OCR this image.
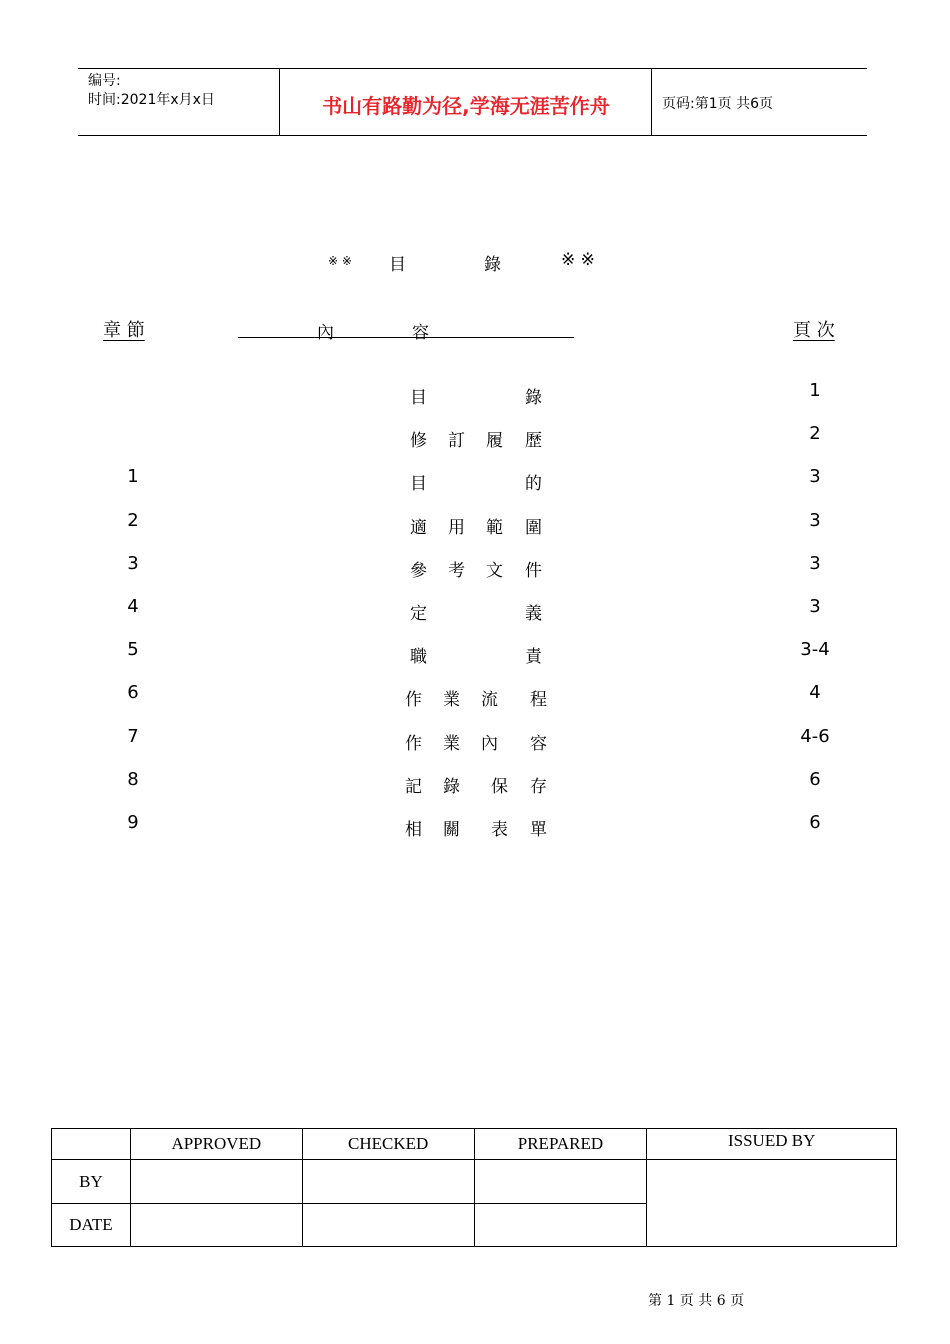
编号:
时间:2021年x月x日	书山有路勤为径,学海无涯苦作舟	页码:第1页 共6页
※ ※ 目	錄	※ ※
章 節	內	容	頁 次
目	錄	1
修 訂 履 歷	2
1	目	的	3
2	適 用 範 圍	3
3	參 考 文 件	3
4	定	義	3
5	職	責	3-4
6	作 業 流 程	4
7	作 業 內 容	4-6
8	記 錄 保 存	6
9	相 關 表 單	6
	APPROVED	CHECKED	PREPARED	ISSUED BY
BY				
DATE				
第 1 页 共 6 页
